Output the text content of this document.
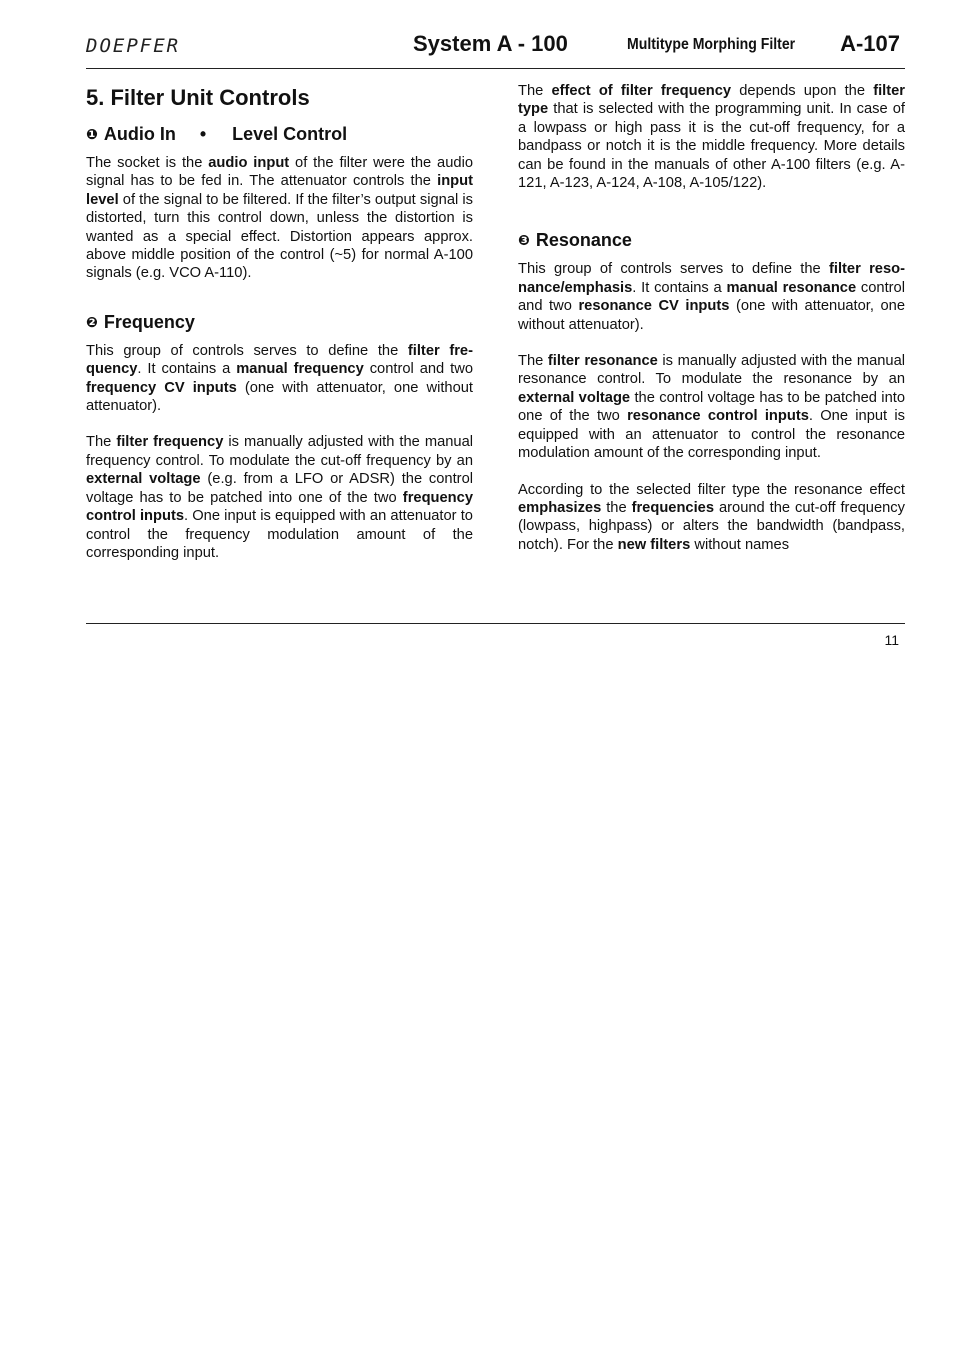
DOEPFER	System A - 100	Multitype Morphing Filter A-107
5. Filter Unit Controls
❶ Audio In • Level Control

The socket is the audio input of the filter were the audio signal has to be fed in. The attenuator controls the input level of the signal to be filtered. If the filter’s output signal is distorted, turn this control down, unless the distortion is wanted as a special effect. Distortion appears approx. above middle position of the control (~5) for normal A-100 signals (e.g. VCO A-110).

❷ Frequency

This group of controls serves to define the filter frequency. It contains a manual frequency control and two frequency CV inputs (one with attenuator, one without attenuator).

The filter frequency is manually adjusted with the manual frequency control. To modulate the cut-off frequency by an external voltage (e.g. from a LFO or ADSR) the control voltage has to be patched into one of the two frequency control inputs. One input is equipped with an attenuator to control the frequency modulation amount of the corresponding input.

The effect of filter frequency depends upon the filter type that is selected with the programming unit. In case of a lowpass or high pass it is the cut-off frequency, for a bandpass or notch it is the middle frequency. More details can be found in the manuals of other A-100 filters (e.g. A-121, A-123, A-124, A-108, A-105/122).

❸ Resonance

This group of controls serves to define the filter resonance/emphasis. It contains a manual resonance control and two resonance CV inputs (one with attenuator, one without attenuator).

The filter resonance is manually adjusted with the manual resonance control. To modulate the resonance by an external voltage the control voltage has to be patched into one of the two resonance control inputs. One input is equipped with an attenuator to control the resonance modulation amount of the corresponding input.

According to the selected filter type the resonance effect emphasizes the frequencies around the cut-off frequency (lowpass, highpass) or alters the bandwidth (bandpass, notch). For the new filters without names

11
